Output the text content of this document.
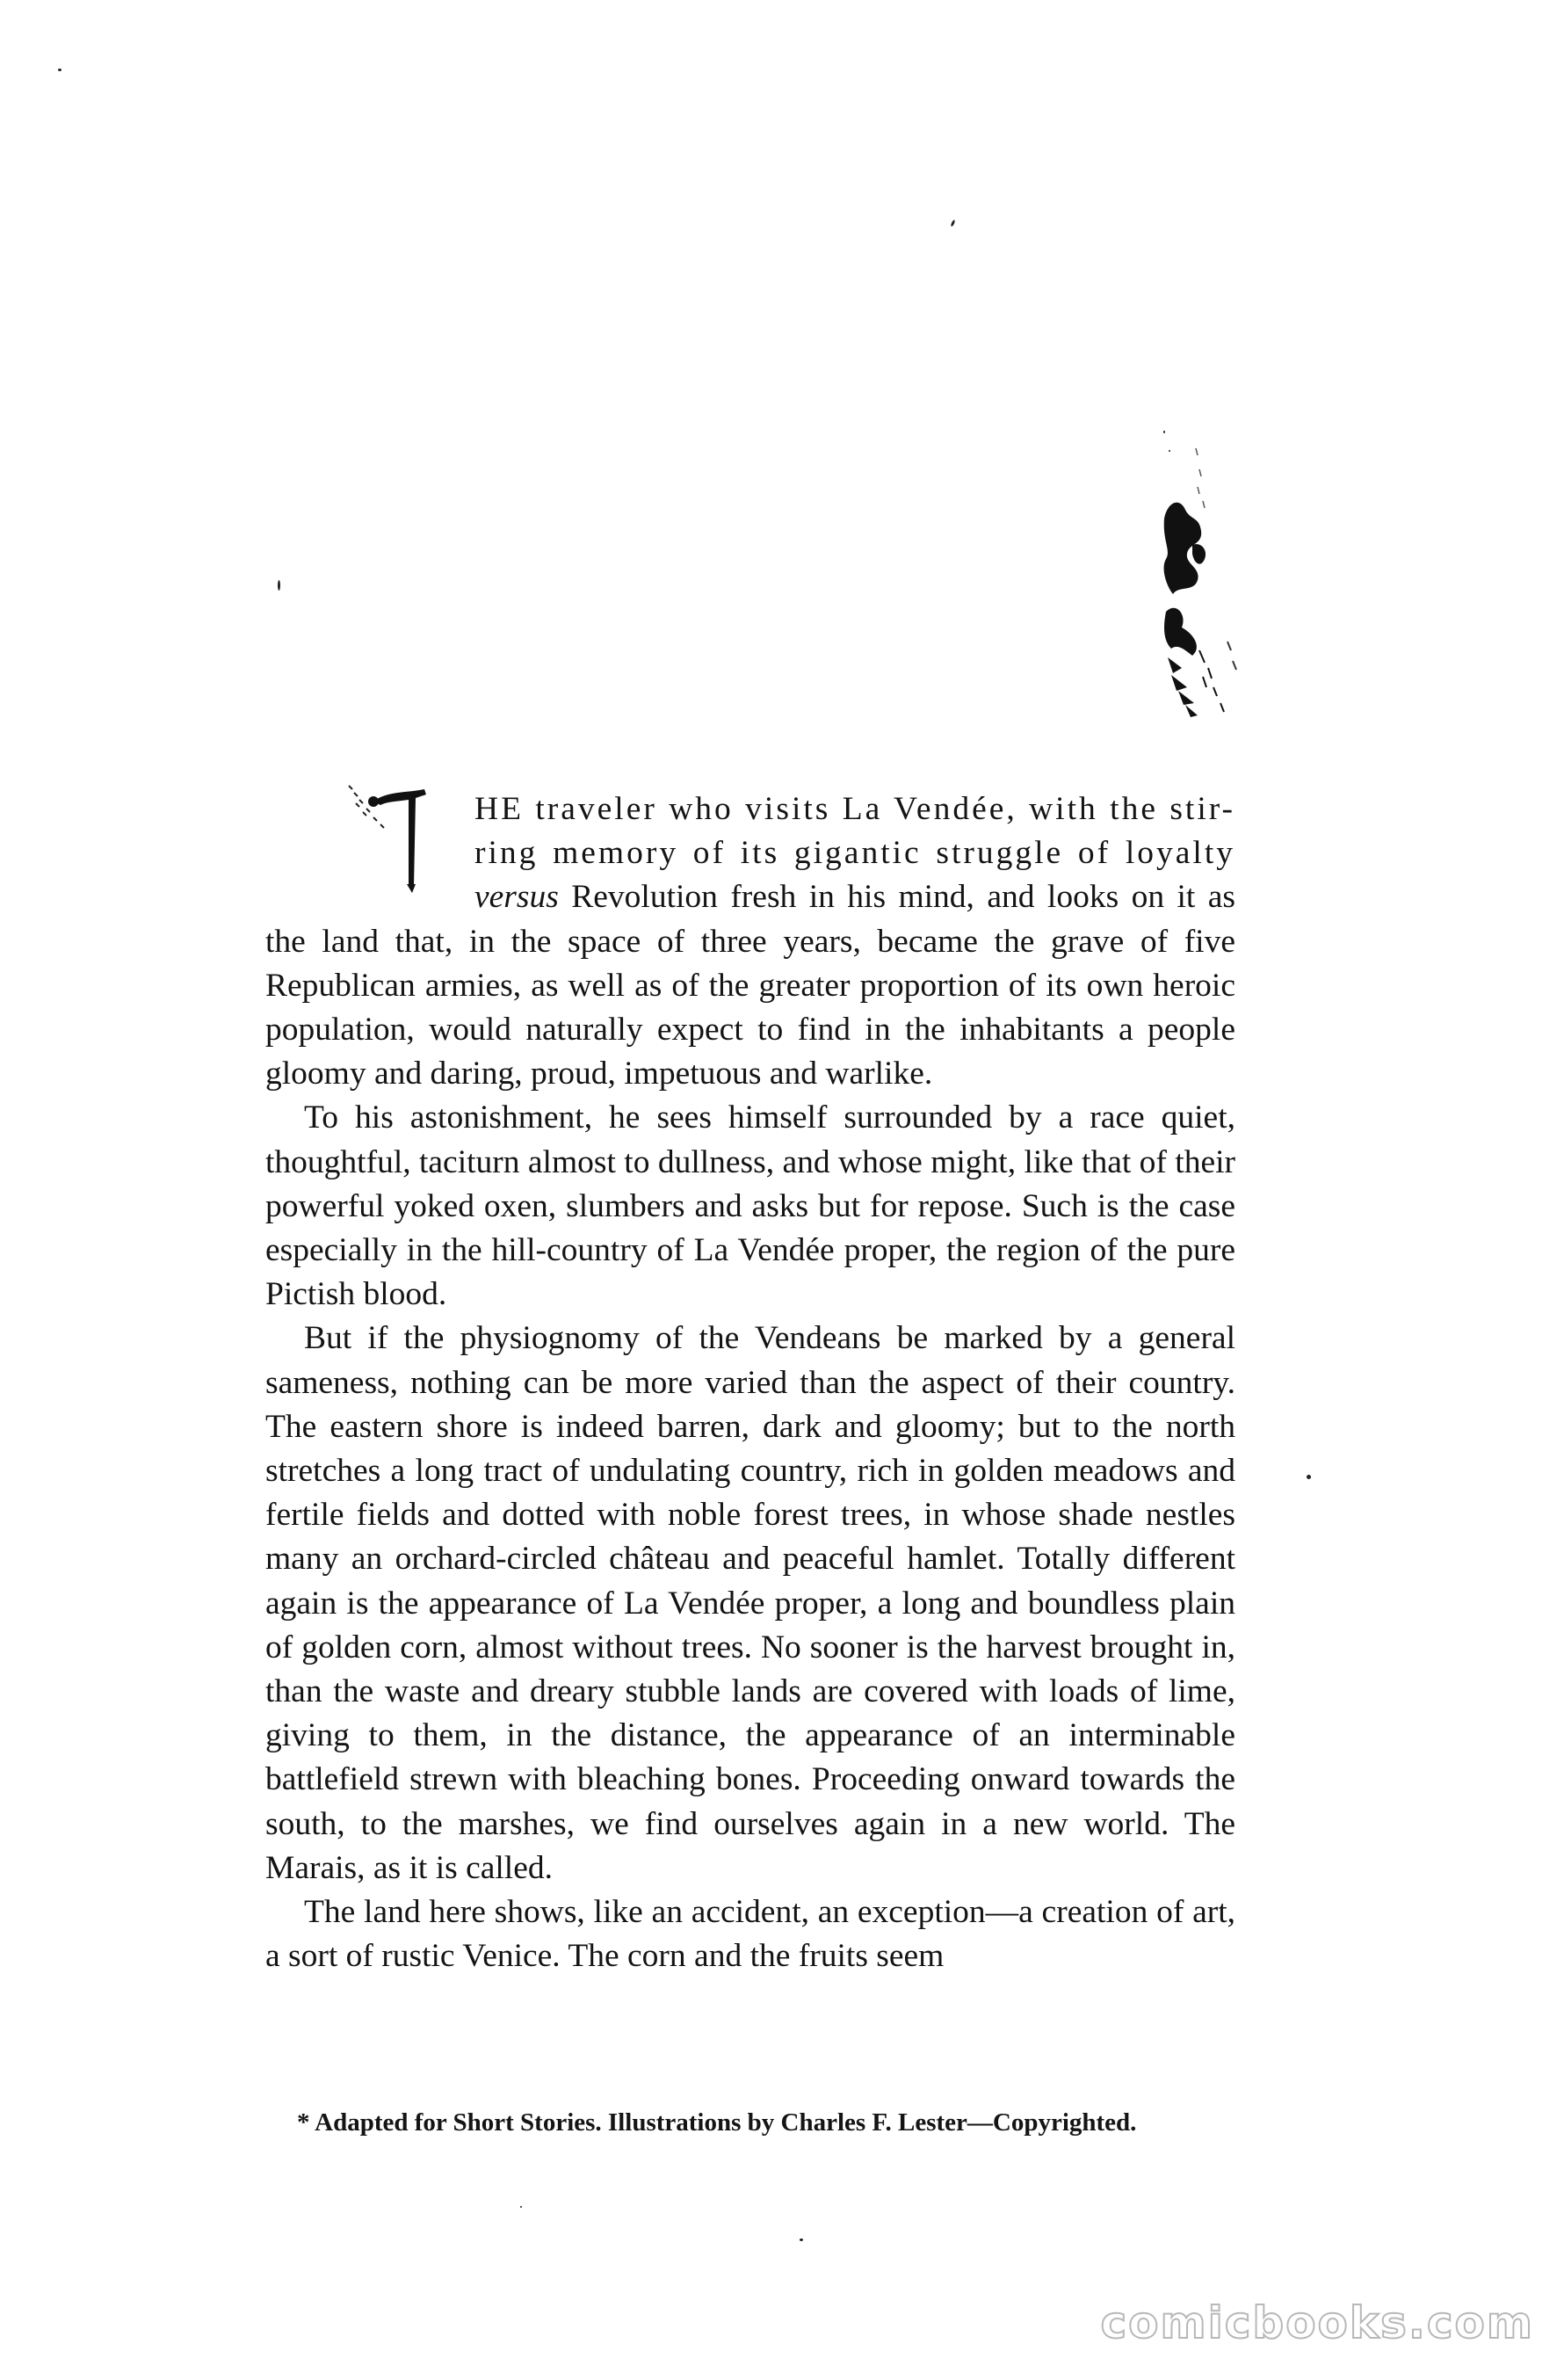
HE traveler who visits La Vendée, with the stir-ring memory of its gigantic struggle of loyalty versus Revolution fresh in his mind, and looks on it as the land that, in the space of three years, became the grave of five Republican armies, as well as of the greater proportion of its own heroic population, would naturally expect to find in the inhabitants a people gloomy and daring, proud, impetuous and warlike.

To his astonishment, he sees himself surrounded by a race quiet, thoughtful, taciturn almost to dullness, and whose might, like that of their powerful yoked oxen, slumbers and asks but for repose. Such is the case especially in the hill-country of La Vendée proper, the region of the pure Pictish blood.

But if the physiognomy of the Vendeans be marked by a general sameness, nothing can be more varied than the aspect of their country. The eastern shore is indeed barren, dark and gloomy; but to the north stretches a long tract of undulating country, rich in golden meadows and fertile fields and dotted with noble forest trees, in whose shade nestles many an orchard-circled château and peaceful hamlet. Totally different again is the appearance of La Vendée proper, a long and boundless plain of golden corn, almost without trees. No sooner is the harvest brought in, than the waste and dreary stubble lands are covered with loads of lime, giving to them, in the distance, the appearance of an interminable battlefield strewn with bleaching bones. Proceeding onward towards the south, to the marshes, we find ourselves again in a new world. The Marais, as it is called.

The land here shows, like an accident, an exception—a creation of art, a sort of rustic Venice. The corn and the fruits seem

* Adapted for Short Stories. Illustrations by Charles F. Lester—Copyrighted.
comicbooks.com
